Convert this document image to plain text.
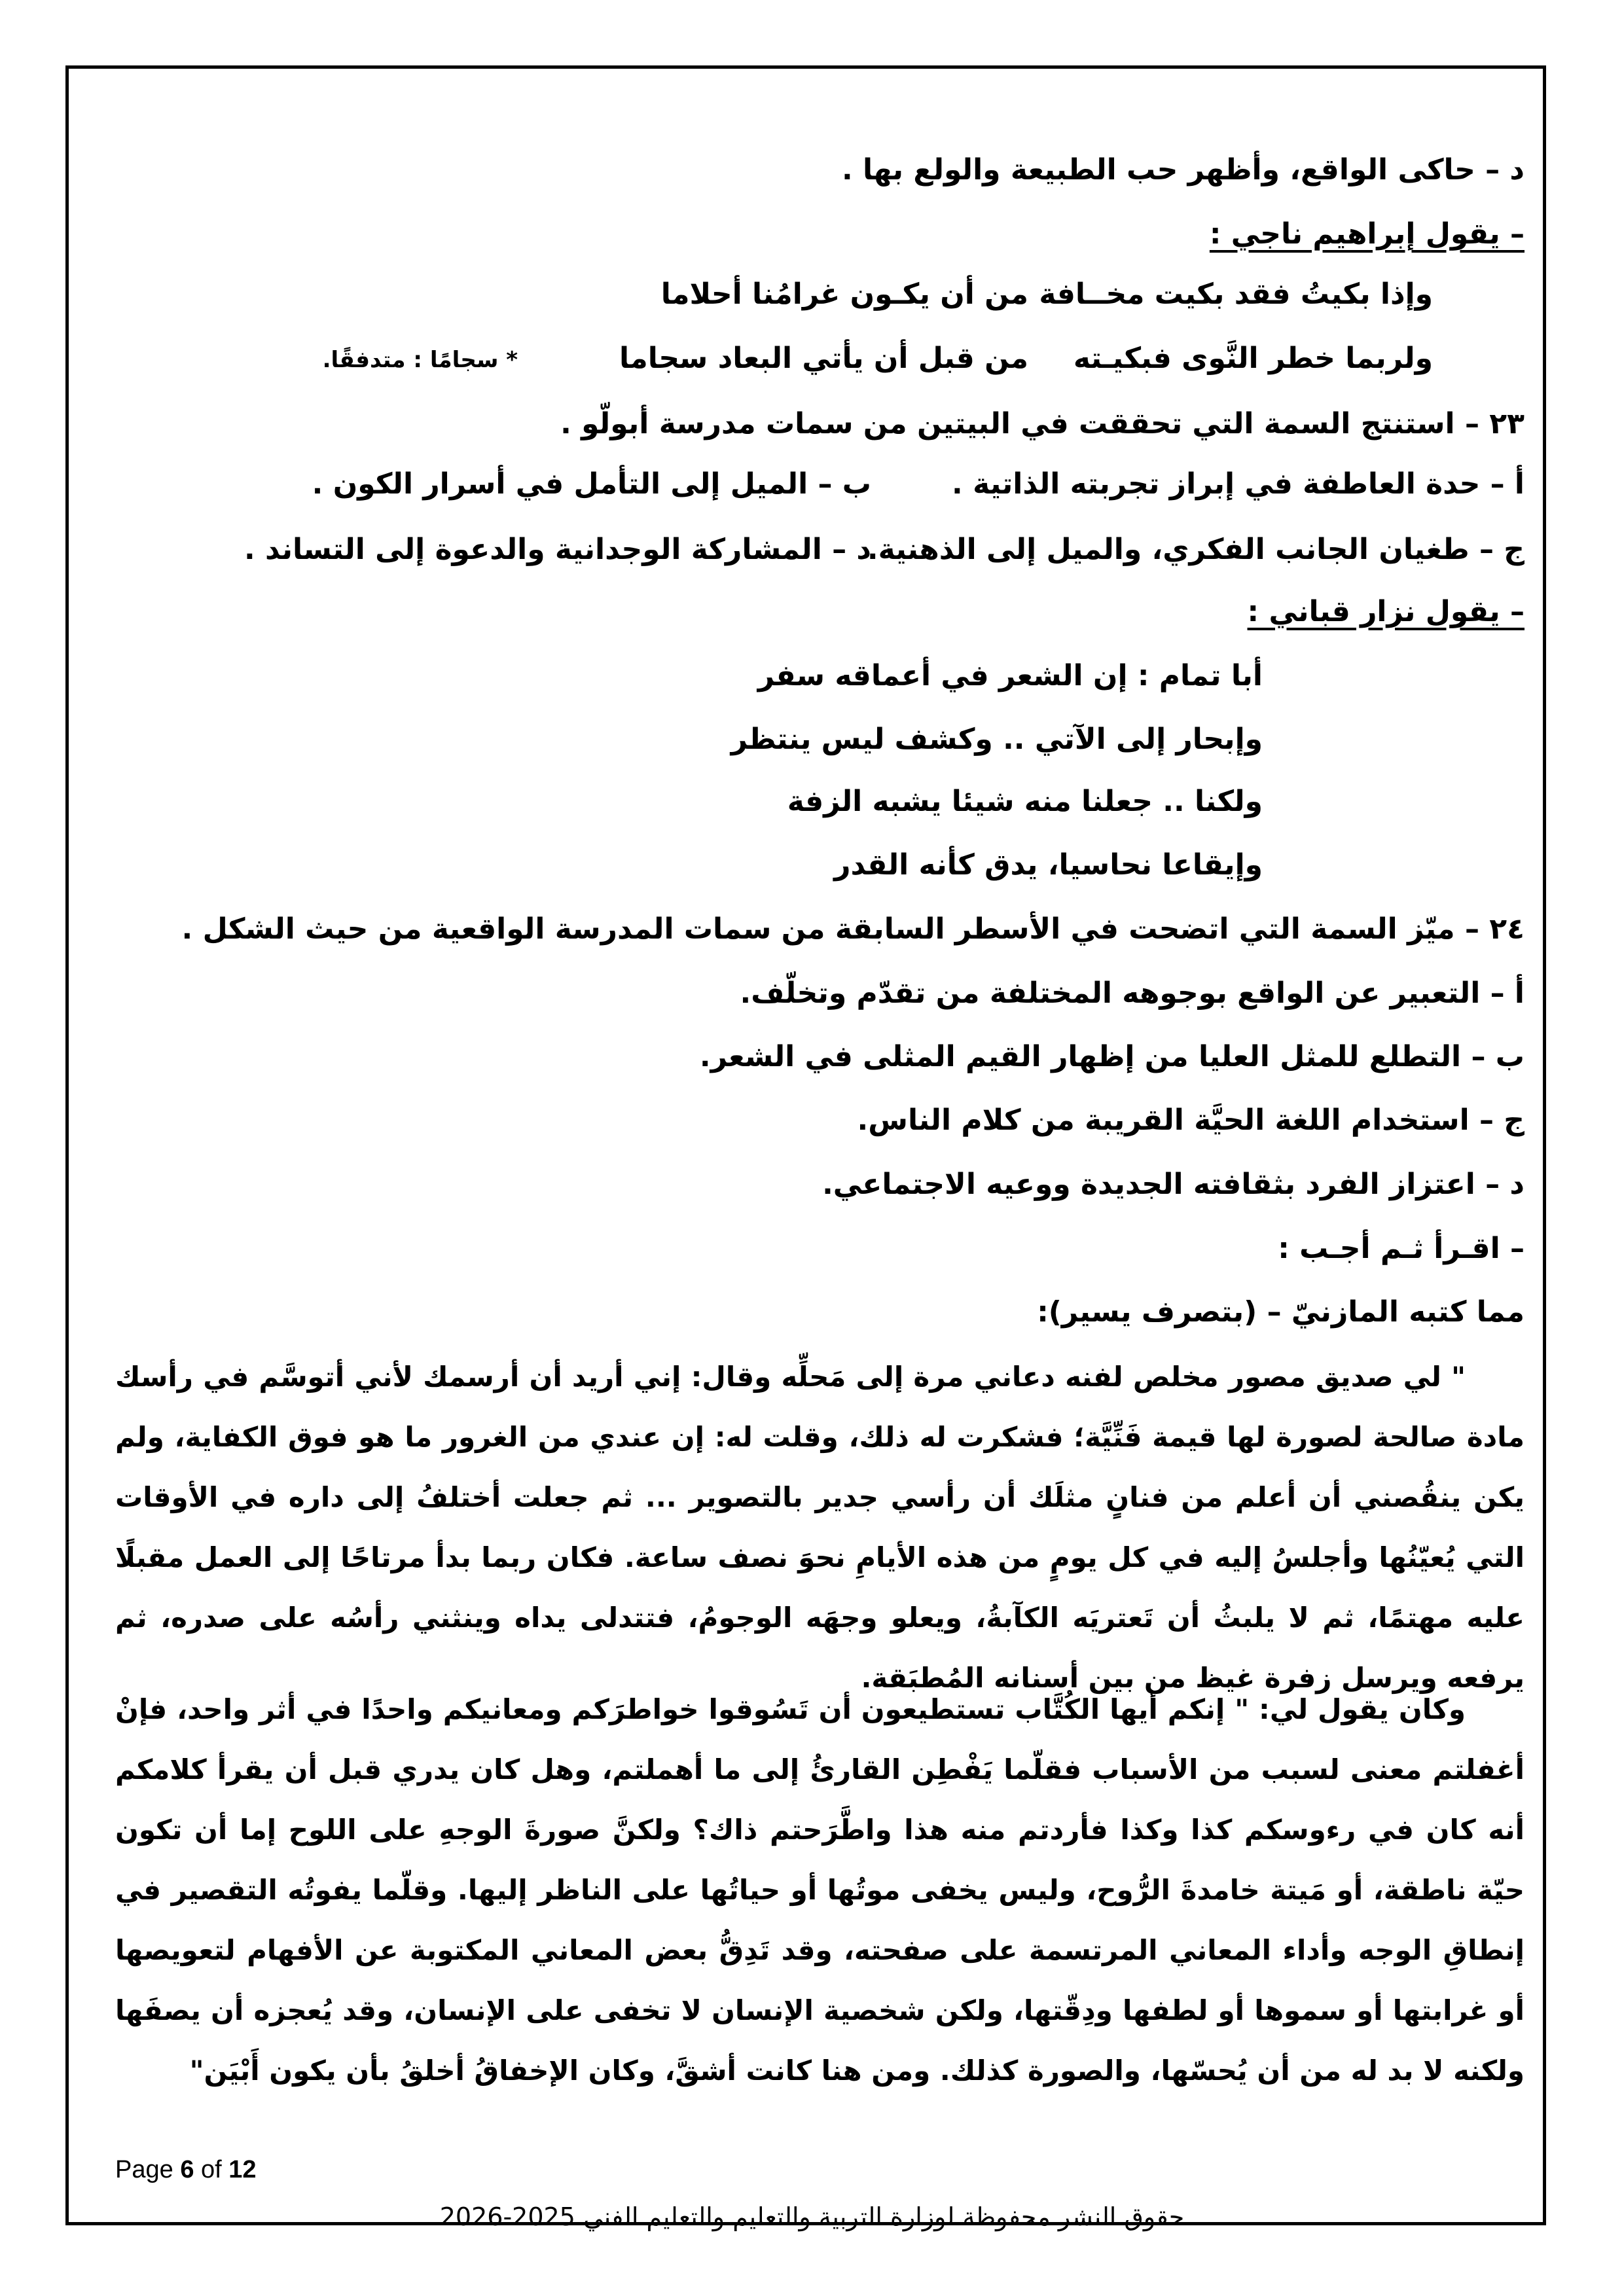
د – حاكى الواقع، وأظهر حب الطبيعة والولع بها .
– يقول إبراهيم ناجي :
وإذا بكيتُ فقد بكيت مخــافة
من أن يكـون غرامُنا أحلاما
ولربما خطر النَّوى فبكيـته
من قبل أن يأتي البعاد سجاما
* سجامًا : متدفقًا.
٢٣ – استنتج السمة التي تحققت في البيتين من سمات مدرسة أبولّو .
أ – حدة العاطفة في إبراز تجربته الذاتية .
ب – الميل إلى التأمل في أسرار الكون .
ج – طغيان الجانب الفكري، والميل إلى الذهنية.
د – المشاركة الوجدانية والدعوة إلى التساند .
– يقول نزار قباني :
أبا تمام : إن الشعر في أعماقه سفر
وإبحار إلى الآتي .. وكشف ليس ينتظر
ولكنا .. جعلنا منه شيئا يشبه الزفة
وإيقاعا نحاسيا، يدق كأنه القدر
٢٤ – ميّز السمة التي اتضحت في الأسطر السابقة من سمات المدرسة الواقعية من حيث الشكل .
أ – التعبير عن الواقع بوجوهه المختلفة من تقدّم وتخلّف.
ب – التطلع للمثل العليا من إظهار القيم المثلى في الشعر.
ج – استخدام اللغة الحيَّة القريبة من كلام الناس.
د – اعتزاز الفرد بثقافته الجديدة ووعيه الاجتماعي.
– اقـرأ ثـم أجـب :
مما كتبه المازنيّ – (بتصرف يسير):
" لي صديق مصور مخلص لفنه دعاني مرة إلى مَحلِّه وقال: إني أريد أن أرسمك لأني أتوسَّم في رأسك مادة صالحة لصورة لها قيمة فَنِّيَّة؛ فشكرت له ذلك، وقلت له: إن عندي من الغرور ما هو فوق الكفاية، ولم يكن ينقُصني أن أعلم من فنانٍ مثلَك أن رأسي جدير بالتصوير ... ثم جعلت أختلفُ إلى داره في الأوقات التي يُعيّنُها وأجلسُ إليه في كل يومٍ من هذه الأيامِ نحوَ نصف ساعة. فكان ربما بدأ مرتاحًا إلى العمل مقبلًا عليه مهتمًا، ثم لا يلبثُ أن تَعتريَه الكآبةُ، ويعلو وجهَه الوجومُ، فتتدلى يداه وينثني رأسُه على صدره، ثم يرفعه ويرسل زفرة غيظ من بين أسنانه المُطبَقة.
وكان يقول لي: " إنكم أيها الكُتَّاب تستطيعون أن تَسُوقوا خواطرَكم ومعانيكم واحدًا في أثر واحد، فإنْ أغفلتم معنى لسبب من الأسباب فقلّما يَفْطِن القارئُ إلى ما أهملتم، وهل كان يدري قبل أن يقرأ كلامكم أنه كان في رءوسكم كذا وكذا فأردتم منه هذا واطَّرَحتم ذاك؟ ولكنَّ صورةَ الوجهِ على اللوح إما أن تكون حيّة ناطقة، أو مَيتة خامدةَ الرُّوح، وليس يخفى موتُها أو حياتُها على الناظر إليها. وقلّما يفوتُه التقصير في إنطاقِ الوجه وأداء المعاني المرتسمة على صفحته، وقد تَدِقُّ بعض المعاني المكتوبة عن الأفهام لتعويصها أو غرابتها أو سموها أو لطفها ودِقّتها، ولكن شخصية الإنسان لا تخفى على الإنسان، وقد يُعجزه أن يصفَها ولكنه لا بد له من أن يُحسّها، والصورة كذلك. ومن هنا كانت أشقَّ، وكان الإخفاقُ أخلقُ بأن يكون أَبْيَن"
Page 6 of 12
حقوق النشر محفوظة لوزارة التربية والتعليم والتعليم الفني 2025-2026
